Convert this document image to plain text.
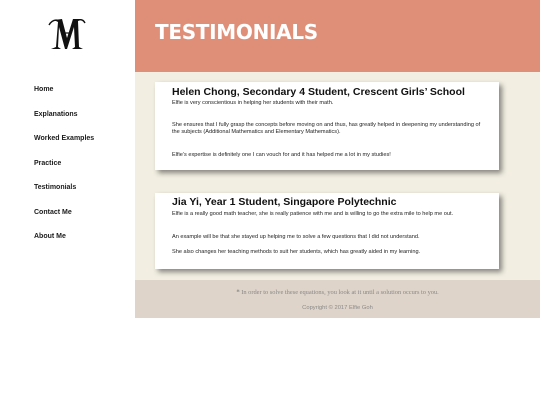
Home
Explanations
Worked Examples
Practice
Testimonials
Contact Me
About Me
TESTIMONIALS
Helen Chong, Secondary 4 Student, Crescent Girls’ School

Elfie is very conscientious in helping her students with their math.

She ensures that I fully grasp the concepts before moving on and thus, has greatly helped in deepening my understanding of the subjects (Additional Mathematics and Elementary Mathematics).

Elfie’s expertise is definitely one I can vouch for and it has helped me a lot in my studies!

Jia Yi, Year 1 Student, Singapore Polytechnic

Elfie is a really good math teacher, she is really patience with me and is willing to go the extra mile to help me out.

An example will be that she stayed up helping me to solve a few questions that I did not understand.

She also changes her teaching methods to suit her students, which has greatly aided in my learning.

❝ In order to solve these equations, you look at it until a solution occurs to you.
Copyright © 2017 Elfie Goh
